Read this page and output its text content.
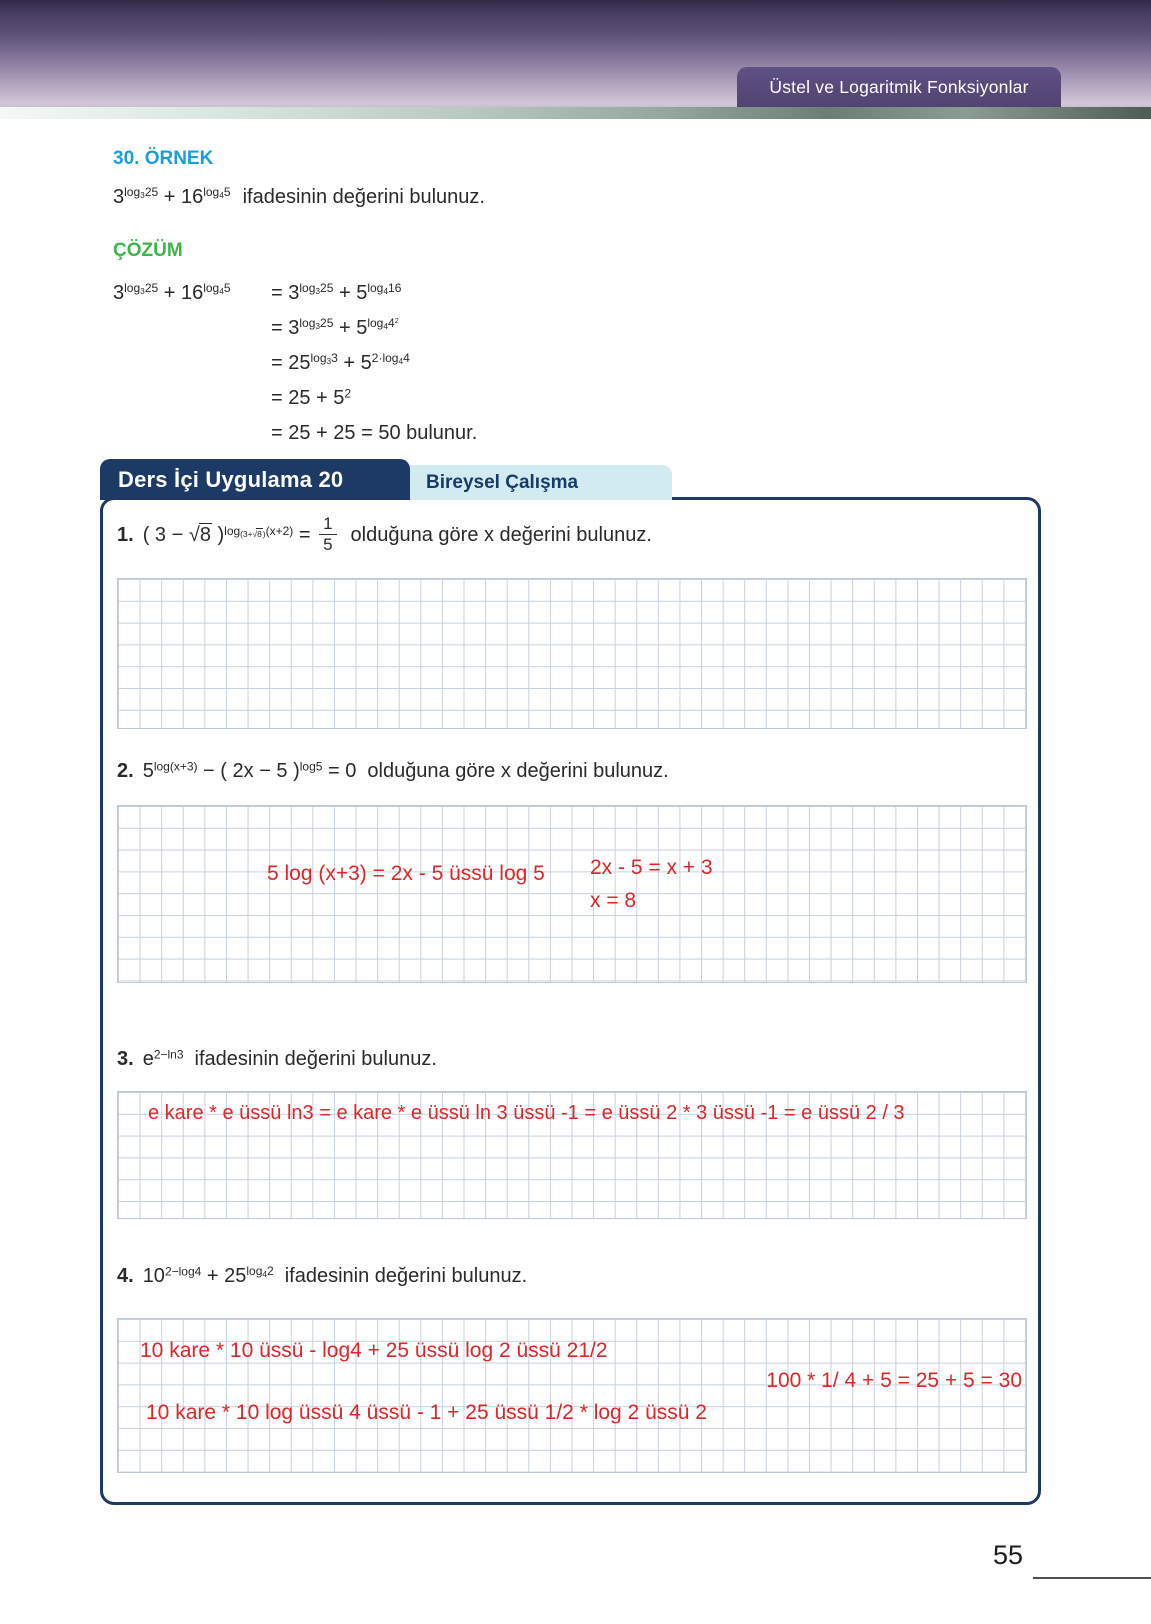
Üstel ve Logaritmik Fonksiyonlar
30. ÖRNEK
$3^{log_325} + 16^{log_45}$ ifadesinin değerini bulunuz.
ÇÖZÜM
$3^{log_325} + 16^{log_45} = 3^{log_325} + 5^{log_416}$
= $3^{log_325} + 5^{log_44^2}$
= $25^{log_33} + 5^{2\cdot log_44}$
= $25 + 5^2$
= 25 + 25 = 50 bulunur.
Ders İçi Uygulama 20	Bireysel Çalışma
1. ( 3 − √8 )$^{log_{(3+√8)}(x+2)} = \frac{1}{5}$ olduğuna göre x değerini bulunuz.
2. $5^{log(x+3)}$ − ( 2x − 5 )$^{log5}$ = 0 olduğuna göre x değerini bulunuz.
5 log (x+3) = 2x - 5 üssü log 5 2x - 5 = x + 3
x = 8
3. $e^{2-ln3}$ ifadesinin değerini bulunuz.
e kare * e üssü ln3 = e kare * e üssü ln 3 üssü -1 = e üssü 2 * 3 üssü -1 = e üssü 2 / 3
4. $10^{2-log4} + 25^{log_42}$ ifadesinin değerini bulunuz.
10 kare * 10 üssü - log4 + 25 üssü log 2 üssü 21/2
100 * 1/ 4 + 5 = 25 + 5 = 30
10 kare * 10 log üssü 4 üssü - 1 + 25 üssü 1/2 * log 2 üssü 2
55
